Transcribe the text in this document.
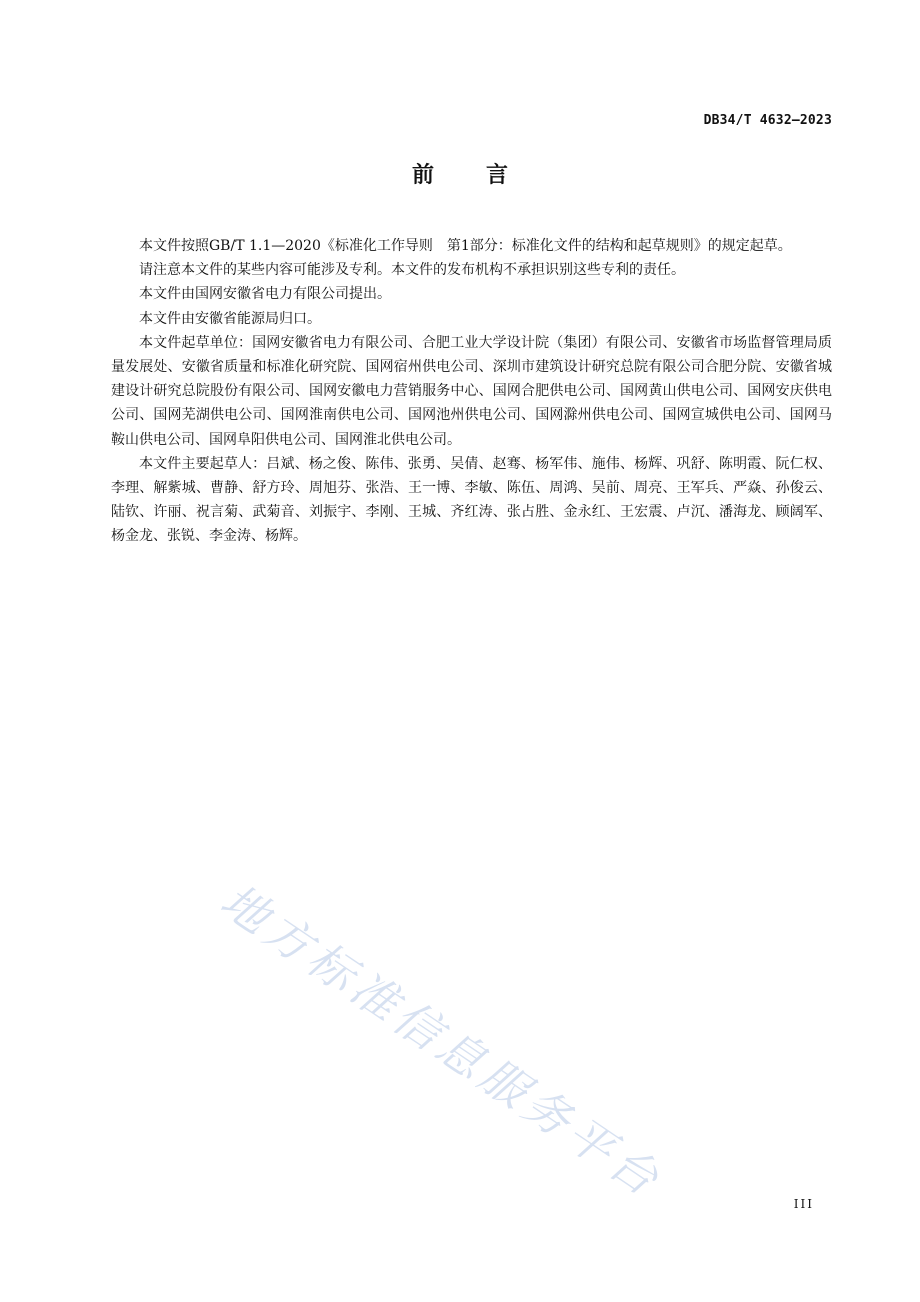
DB34/T 4632—2023
前 言

本文件按照GB/T 1.1—2020《标准化工作导则　第1部分：标准化文件的结构和起草规则》的规定起草。

请注意本文件的某些内容可能涉及专利。本文件的发布机构不承担识别这些专利的责任。

本文件由国网安徽省电力有限公司提出。

本文件由安徽省能源局归口。

本文件起草单位：国网安徽省电力有限公司、合肥工业大学设计院（集团）有限公司、安徽省市场监督管理局质量发展处、安徽省质量和标准化研究院、国网宿州供电公司、深圳市建筑设计研究总院有限公司合肥分院、安徽省城建设计研究总院股份有限公司、国网安徽电力营销服务中心、国网合肥供电公司、国网黄山供电公司、国网安庆供电公司、国网芜湖供电公司、国网淮南供电公司、国网池州供电公司、国网滁州供电公司、国网宣城供电公司、国网马鞍山供电公司、国网阜阳供电公司、国网淮北供电公司。

本文件主要起草人：吕斌、杨之俊、陈伟、张勇、吴倩、赵骞、杨军伟、施伟、杨辉、巩舒、陈明霞、阮仁权、李理、解紫城、曹静、舒方玲、周旭芬、张浩、王一博、李敏、陈伍、周鸿、吴前、周亮、王军兵、严焱、孙俊云、陆钦、许丽、祝言菊、武菊音、刘振宇、李刚、王城、齐红涛、张占胜、金永红、王宏震、卢沉、潘海龙、顾阔军、杨金龙、张锐、李金涛、杨辉。

地方标准信息服务平台	III
